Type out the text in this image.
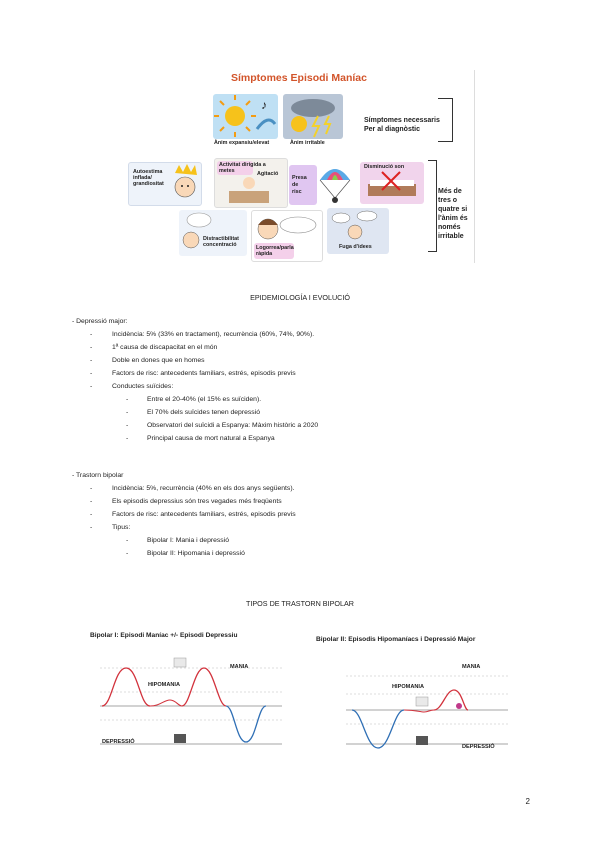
Símptomes Episodi Maníac
♪
Ànim expansiu/elevat	Ànim irritable
Símptomes necessaris
Per al diagnòstic
Autoestima
inflada/
grandiositat
Activitat dirigida a
metes	Agitació
Presa
de
risc
Disminució son
Més de
tres o
quatre si
l'ànim és
només
irritable
Distractibilitat
concentració	Logorrea/parla
ràpida
Fuga d'idees
EPIDEMIOLOGÍA I EVOLUCIÓ
- Depressió major:
-	Incidència: 5% (33% en tractament), recurrència (60%, 74%, 90%).
-	1ª causa de discapacitat en el món
-	Doble en dones que en homes
-	Factors de risc: antecedents familiars, estrés, episodis previs
-	Conductes suïcides:
-	Entre el 20-40% (el 15% es suïciden).
-	El 70% dels suïcides tenen depressió
-	Observatori del suïcidi a Espanya: Màxim històric a 2020
-	Principal causa de mort natural a Espanya
- Trastorn bipolar
-	Incidència: 5%, recurrència (40% en els dos anys següents).
-	Els episodis depressius són tres vegades més freqüents
-	Factors de risc: antecedents familiars, estrés, episodis previs
-	Tipus:
-	Bipolar I: Mania i depressió
-	Bipolar II: Hipomania i depressió
TIPOS DE TRASTORN BIPOLAR
Bipolar I: Episodi Maníac +/- Episodi Depressiu
MANIA
HIPOMANIA
DEPRESSIÓ
Bipolar II: Episodis Hipomaníacs i Depressió Major
MANIA
HIPOMANIA
DEPRESSIÓ
2
